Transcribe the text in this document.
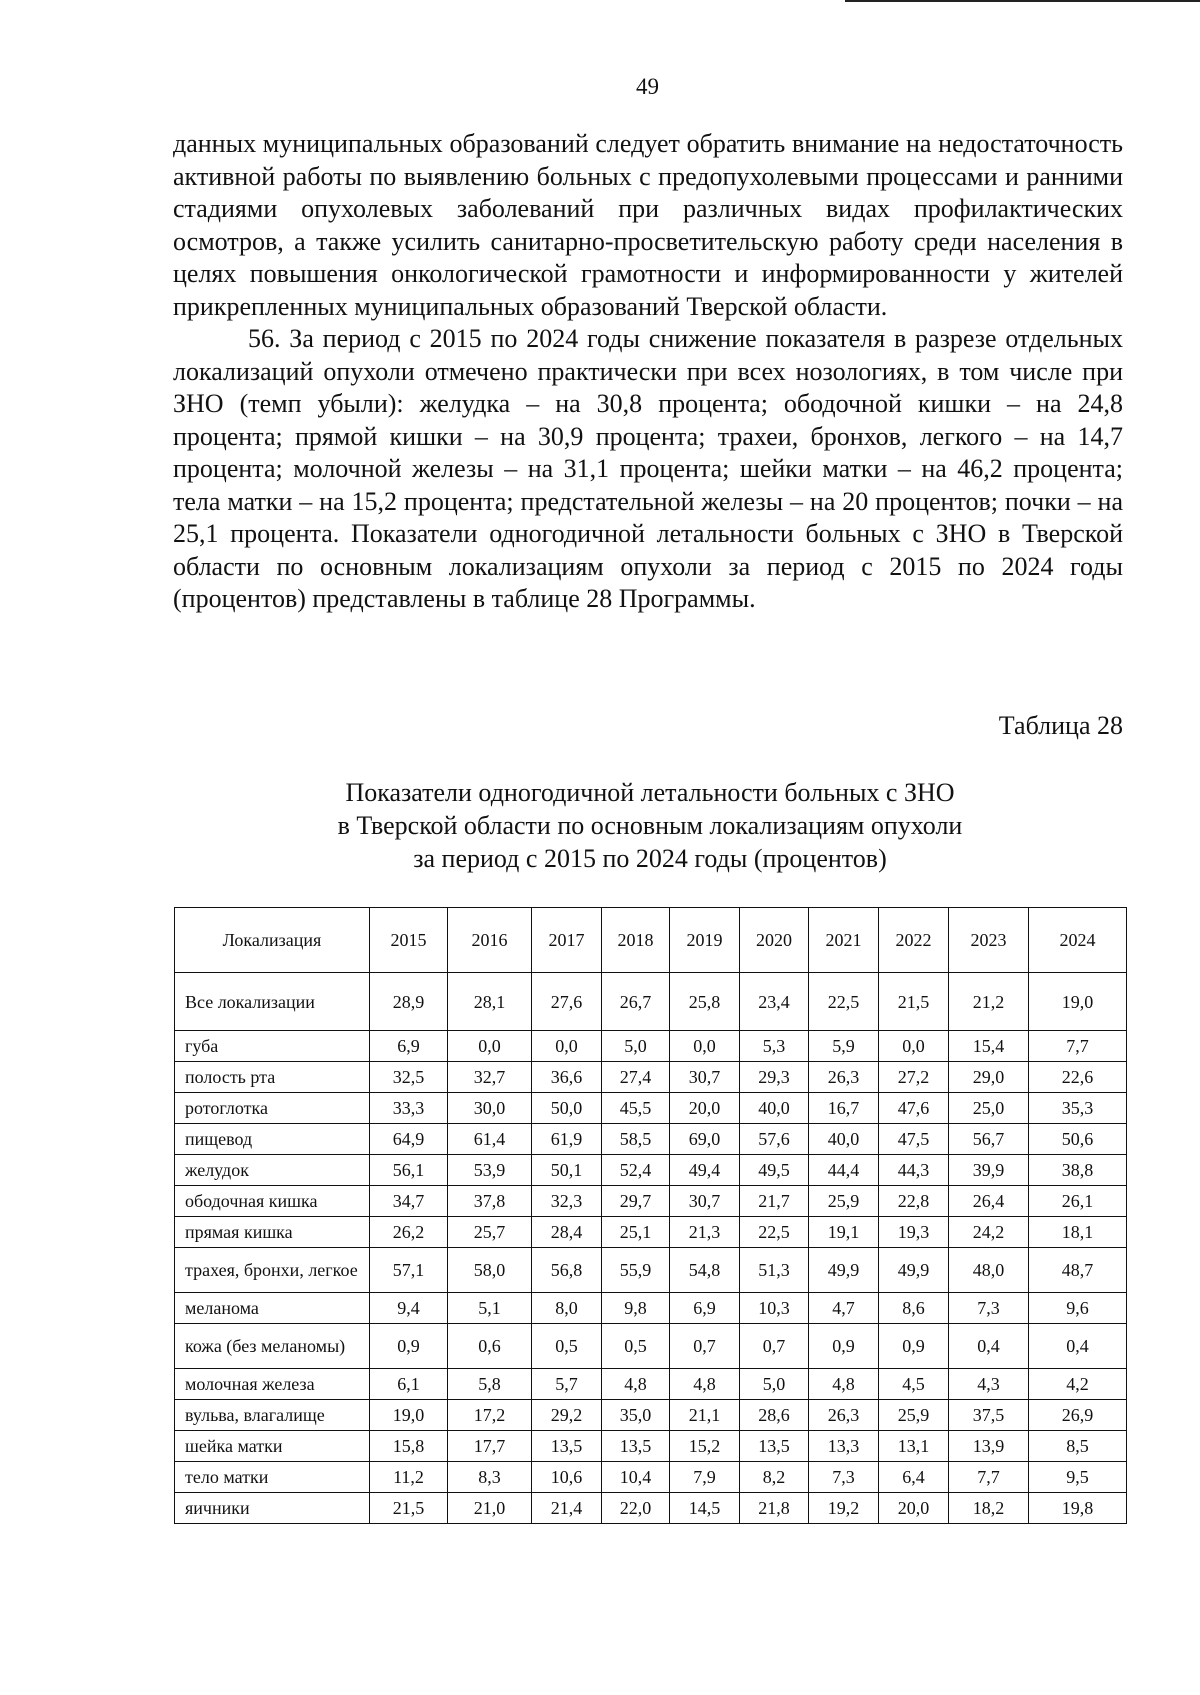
49

данных муниципальных образований следует обратить внимание на недостаточность активной работы по выявлению больных с предопухолевыми процессами и ранними стадиями опухолевых заболеваний при различных видах профилактических осмотров, а также усилить санитарно-просветительскую работу среди населения в целях повышения онкологической грамотности и информированности у жителей прикрепленных муниципальных образований Тверской области.

56. За период с 2015 по 2024 годы снижение показателя в разрезе отдельных локализаций опухоли отмечено практически при всех нозологиях, в том числе при ЗНО (темп убыли): желудка – на 30,8 процента; ободочной кишки – на 24,8 процента; прямой кишки – на 30,9 процента; трахеи, бронхов, легкого – на 14,7 процента; молочной железы – на 31,1 процента; шейки матки – на 46,2 процента; тела матки – на 15,2 процента; предстательной железы – на 20 процентов; почки – на 25,1 процента. Показатели одногодичной летальности больных с ЗНО в Тверской области по основным локализациям опухоли за период с 2015 по 2024 годы (процентов) представлены в таблице 28 Программы.

Таблица 28
Показатели одногодичной летальности больных с ЗНО
в Тверской области по основным локализациям опухоли
за период с 2015 по 2024 годы (процентов)
Локализация	2015	2016	2017	2018	2019	2020	2021	2022	2023	2024
Все локализации	28,9	28,1	27,6	26,7	25,8	23,4	22,5	21,5	21,2	19,0
губа	6,9	0,0	0,0	5,0	0,0	5,3	5,9	0,0	15,4	7,7
полость рта	32,5	32,7	36,6	27,4	30,7	29,3	26,3	27,2	29,0	22,6
ротоглотка	33,3	30,0	50,0	45,5	20,0	40,0	16,7	47,6	25,0	35,3
пищевод	64,9	61,4	61,9	58,5	69,0	57,6	40,0	47,5	56,7	50,6
желудок	56,1	53,9	50,1	52,4	49,4	49,5	44,4	44,3	39,9	38,8
ободочная кишка	34,7	37,8	32,3	29,7	30,7	21,7	25,9	22,8	26,4	26,1
прямая кишка	26,2	25,7	28,4	25,1	21,3	22,5	19,1	19,3	24,2	18,1
трахея, бронхи, легкое	57,1	58,0	56,8	55,9	54,8	51,3	49,9	49,9	48,0	48,7
меланома	9,4	5,1	8,0	9,8	6,9	10,3	4,7	8,6	7,3	9,6
кожа (без меланомы)	0,9	0,6	0,5	0,5	0,7	0,7	0,9	0,9	0,4	0,4
молочная железа	6,1	5,8	5,7	4,8	4,8	5,0	4,8	4,5	4,3	4,2
вульва, влагалище	19,0	17,2	29,2	35,0	21,1	28,6	26,3	25,9	37,5	26,9
шейка матки	15,8	17,7	13,5	13,5	15,2	13,5	13,3	13,1	13,9	8,5
тело матки	11,2	8,3	10,6	10,4	7,9	8,2	7,3	6,4	7,7	9,5
яичники	21,5	21,0	21,4	22,0	14,5	21,8	19,2	20,0	18,2	19,8
